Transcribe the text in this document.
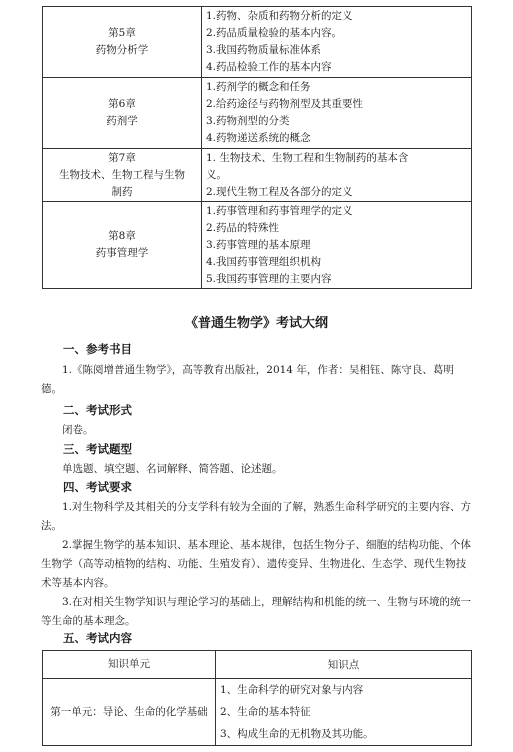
第5章
药物分析学	1.药物、杂质和药物分析的定义
2.药品质量检验的基本内容。
3.我国药物质量标准体系
4.药品检验工作的基本内容

第6章
药剂学	1.药剂学的概念和任务
2.给药途径与药物剂型及其重要性
3.药物剂型的分类
4.药物递送系统的概念

第7章
生物技术、生物工程与生物制药	1. 生物技术、生物工程和生物制药的基本含
义。
2.现代生物工程及各部分的定义

第8章
药事管理学	1.药事管理和药事管理学的定义
2.药品的特殊性
3.药事管理的基本原理
4.我国药事管理组织机构
5.我国药事管理的主要内容
《普通生物学》考试大纲
一、参考书目
1.《陈阅增普通生物学》，高等教育出版社，2014 年，作者：吴相钰、陈守良、葛明德。
二、考试形式
闭卷。
三、考试题型
单选题、填空题、名词解释、简答题、论述题。
四、考试要求
1.对生物科学及其相关的分支学科有较为全面的了解，熟悉生命科学研究的主要内容、方法。
2.掌握生物学的基本知识、基本理论、基本规律，包括生物分子、细胞的结构功能、个体生物学（高等动植物的结构、功能、生殖发育）、遗传变异、生物进化、生态学、现代生物技术等基本内容。
3.在对相关生物学知识与理论学习的基础上，理解结构和机能的统一、生物与环境的统一等生命的基本理念。
五、考试内容
知识单元	知识点
第一单元：导论、生命的化学基础	1、生命科学的研究对象与内容
2、生命的基本特征
3、构成生命的无机物及其功能。
